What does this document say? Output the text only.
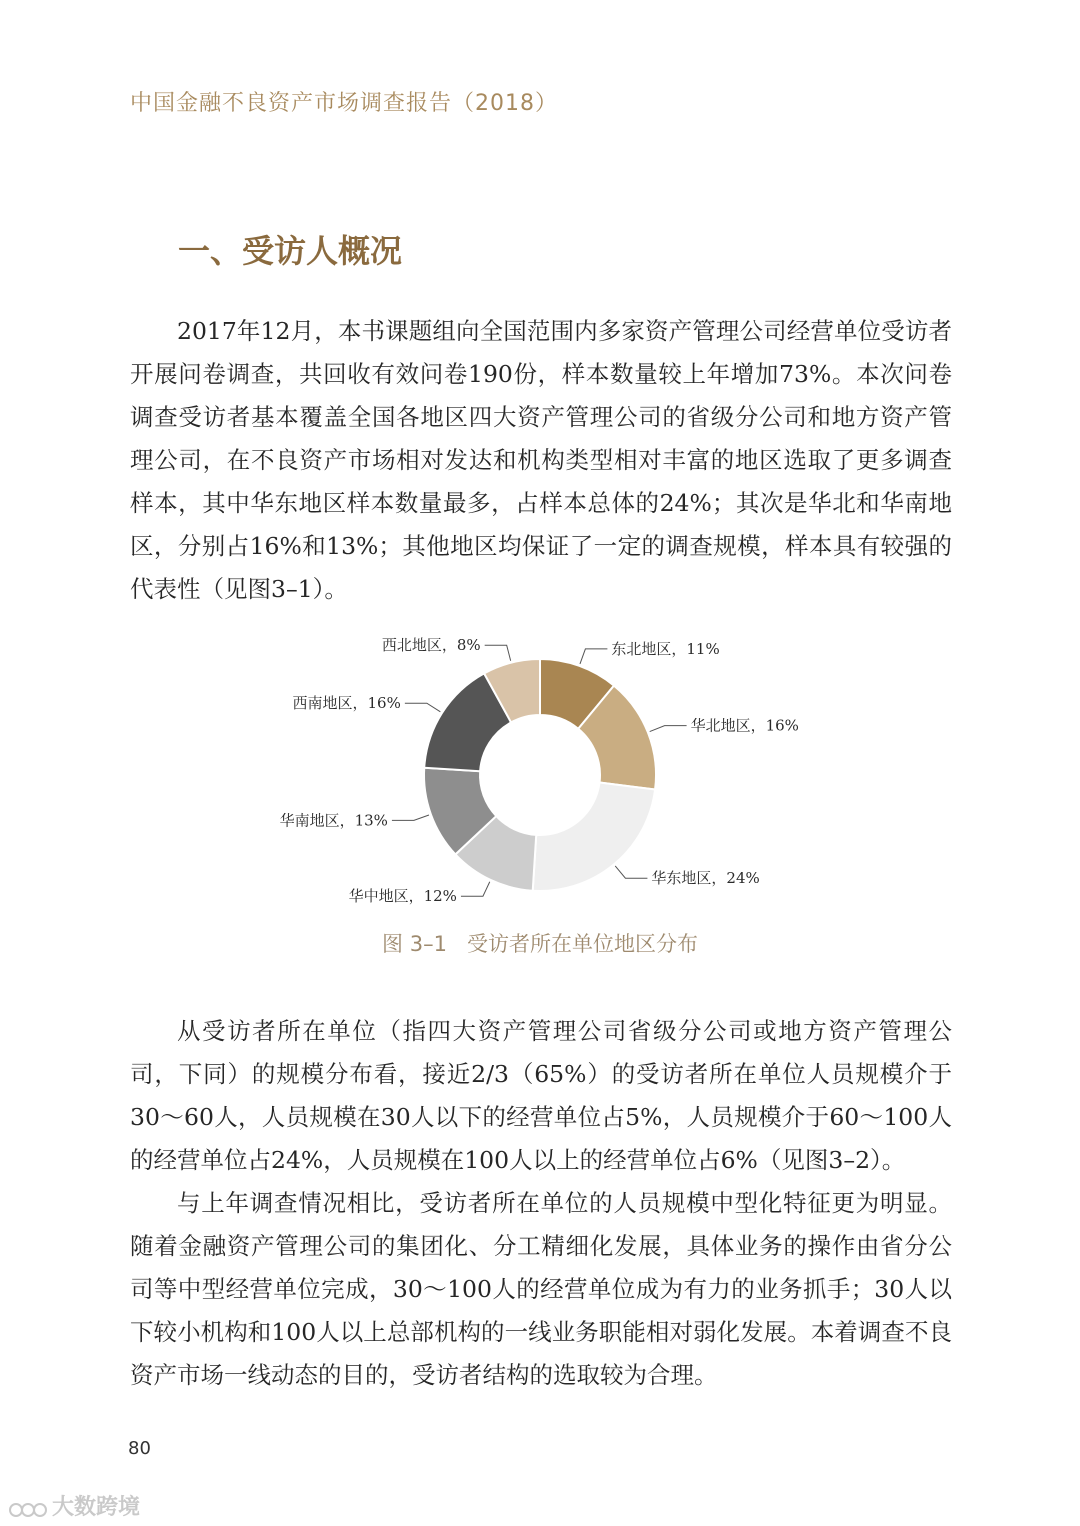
中国金融不良资产市场调查报告（2018）
一、受访人概况

2017年12月，本书课题组向全国范围内多家资产管理公司经营单位受访者开展问卷调查，共回收有效问卷190份，样本数量较上年增加73%。本次问卷调查受访者基本覆盖全国各地区四大资产管理公司的省级分公司和地方资产管理公司，在不良资产市场相对发达和机构类型相对丰富的地区选取了更多调查样本，其中华东地区样本数量最多，占样本总体的24%；其次是华北和华南地区，分别占16%和13%；其他地区均保证了一定的调查规模，样本具有较强的代表性（见图3–1）。

东北地区，11%
华北地区，16%
华东地区，24%
华中地区，12%
华南地区，13%
西南地区，16%
西北地区，8%
图 3–1 受访者所在单位地区分布

从受访者所在单位（指四大资产管理公司省级分公司或地方资产管理公司，下同）的规模分布看，接近2/3（65%）的受访者所在单位人员规模介于30～60人，人员规模在30人以下的经营单位占5%，人员规模介于60～100人的经营单位占24%，人员规模在100人以上的经营单位占6%（见图3–2）。

与上年调查情况相比，受访者所在单位的人员规模中型化特征更为明显。随着金融资产管理公司的集团化、分工精细化发展，具体业务的操作由省分公司等中型经营单位完成，30～100人的经营单位成为有力的业务抓手；30人以下较小机构和100人以上总部机构的一线业务职能相对弱化发展。本着调查不良资产市场一线动态的目的，受访者结构的选取较为合理。

80
大数跨境
